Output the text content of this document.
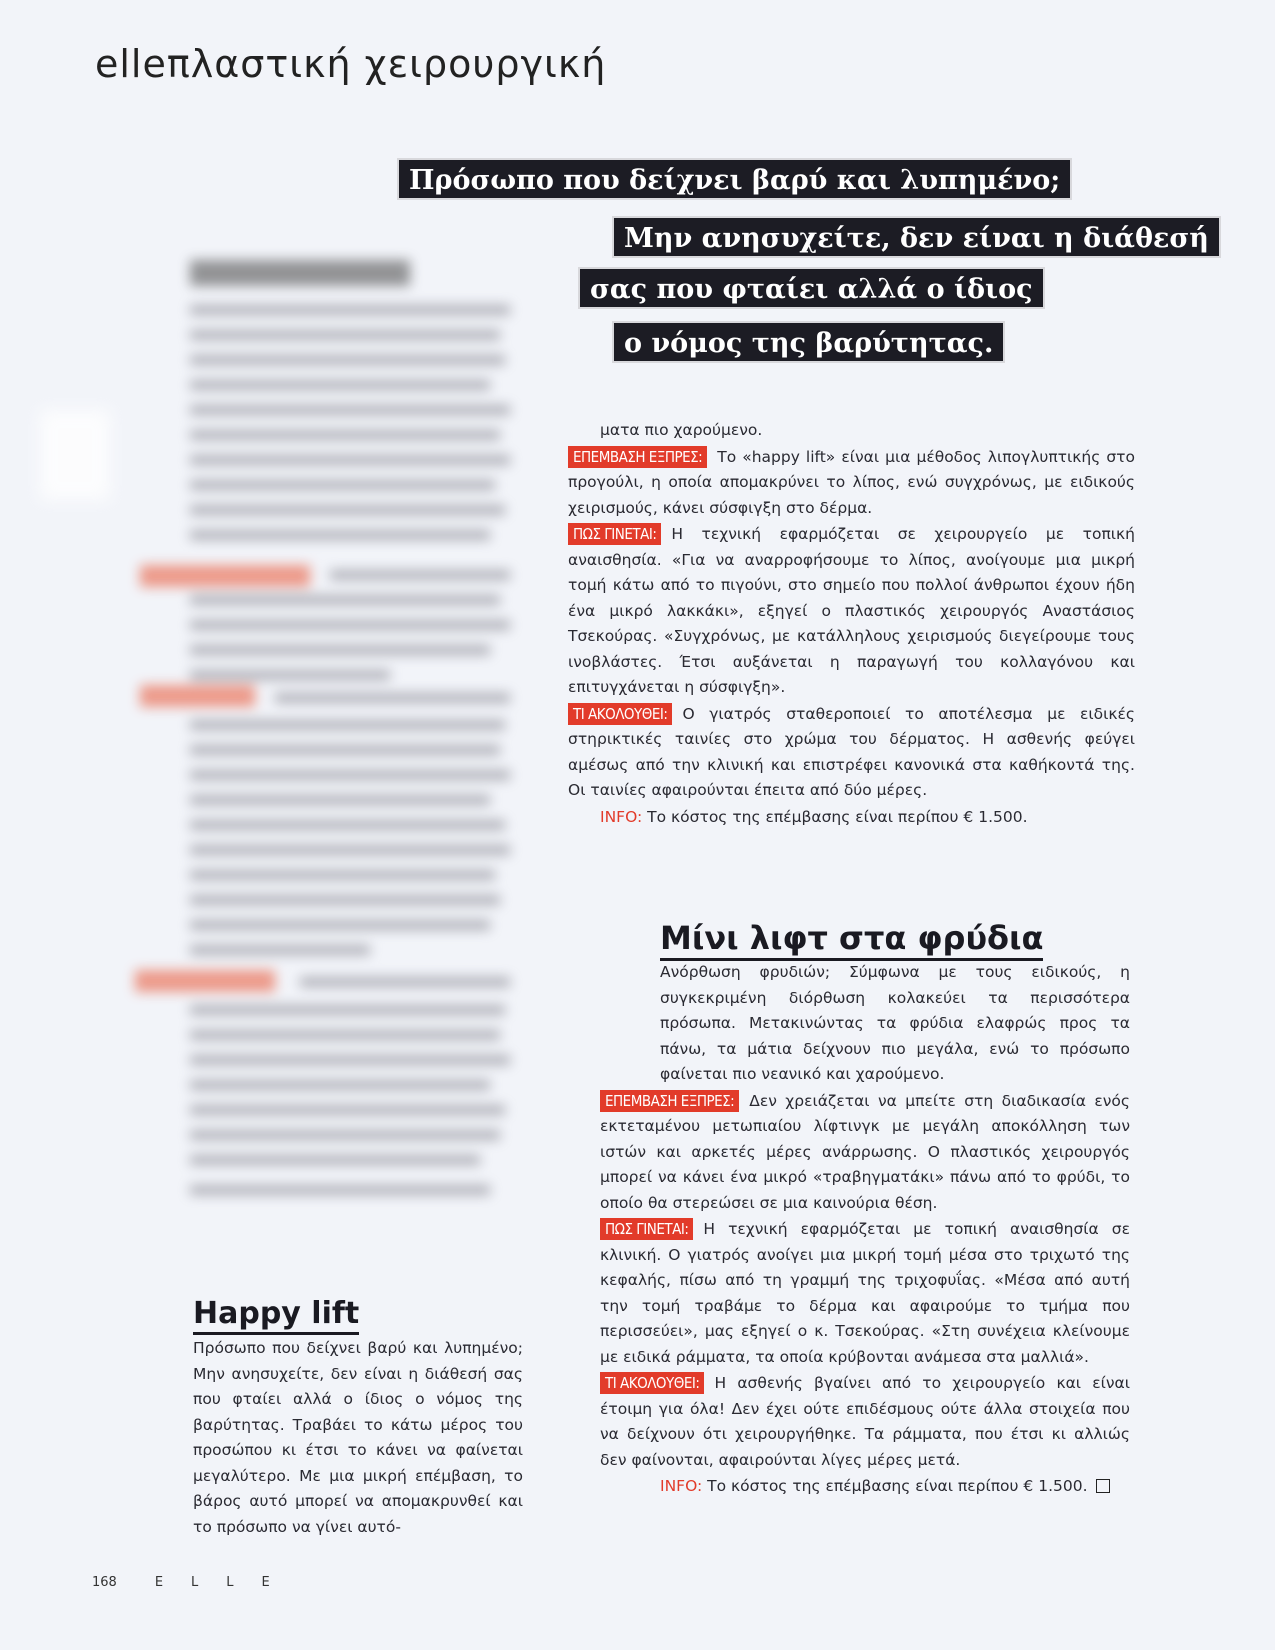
elleπλαστική χειρουργική
Πρόσωπο που δείχνει βαρύ και λυπημένο;
Μην ανησυχείτε, δεν είναι η διάθεσή
σας που φταίει αλλά ο ίδιος
ο νόμος της βαρύτητας.
Happy lift

Πρόσωπο που δείχνει βαρύ και λυπημένο; Μην ανησυχείτε, δεν είναι η διάθεσή σας που φταίει αλλά ο ίδιος ο νόμος της βαρύτητας. Τραβάει το κάτω μέρος του προσώπου κι έτσι το κάνει να φαίνεται μεγαλύτερο. Με μια μικρή επέμβαση, το βάρος αυτό μπορεί να απομακρυνθεί και το πρόσωπο να γίνει αυτό-

ματα πιο χαρούμενο.

ΕΠΕΜΒΑΣΗ ΕΞΠΡΕΣ: Το «happy lift» είναι μια μέθοδος λιπογλυπτικής στο προγούλι, η οποία απομακρύνει το λίπος, ενώ συγχρόνως, με ειδικούς χειρισμούς, κάνει σύσφιγξη στο δέρμα.

ΠΩΣ ΓΙΝΕΤΑΙ: Η τεχνική εφαρμόζεται σε χειρουργείο με τοπική αναισθησία. «Για να αναρροφήσουμε το λίπος, ανοίγουμε μια μικρή τομή κάτω από το πιγούνι, στο σημείο που πολλοί άνθρωποι έχουν ήδη ένα μικρό λακκάκι», εξηγεί ο πλαστικός χειρουργός Αναστάσιος Τσεκούρας. «Συγχρόνως, με κατάλληλους χειρισμούς διεγείρουμε τους ινοβλάστες. Έτσι αυξάνεται η παραγωγή του κολλαγόνου και επιτυγχάνεται η σύσφιγξη».

ΤΙ ΑΚΟΛΟΥΘΕΙ: Ο γιατρός σταθεροποιεί το αποτέλεσμα με ειδικές στηρικτικές ταινίες στο χρώμα του δέρματος. Η ασθενής φεύγει αμέσως από την κλινική και επιστρέφει κανονικά στα καθήκοντά της. Οι ταινίες αφαιρούνται έπειτα από δύο μέρες.

INFO: Το κόστος της επέμβασης είναι περίπου € 1.500.

Μίνι λιφτ στα φρύδια

Ανόρθωση φρυδιών; Σύμφωνα με τους ειδικούς, η συγκεκριμένη διόρθωση κολακεύει τα περισσότερα πρόσωπα. Μετακινώντας τα φρύδια ελαφρώς προς τα πάνω, τα μάτια δείχνουν πιο μεγάλα, ενώ το πρόσωπο φαίνεται πιο νεανικό και χαρούμενο.

ΕΠΕΜΒΑΣΗ ΕΞΠΡΕΣ: Δεν χρειάζεται να μπείτε στη διαδικασία ενός εκτεταμένου μετωπιαίου λίφτινγκ με μεγάλη αποκόλληση των ιστών και αρκετές μέρες ανάρρωσης. Ο πλαστικός χειρουργός μπορεί να κάνει ένα μικρό «τραβηγματάκι» πάνω από το φρύδι, το οποίο θα στερεώσει σε μια καινούρια θέση.

ΠΩΣ ΓΙΝΕΤΑΙ: Η τεχνική εφαρμόζεται με τοπική αναισθησία σε κλινική. Ο γιατρός ανοίγει μια μικρή τομή μέσα στο τριχωτό της κεφαλής, πίσω από τη γραμμή της τριχοφυΐας. «Μέσα από αυτή την τομή τραβάμε το δέρμα και αφαιρούμε το τμήμα που περισσεύει», μας εξηγεί ο κ. Τσεκούρας. «Στη συνέχεια κλείνουμε με ειδικά ράμματα, τα οποία κρύβονται ανάμεσα στα μαλλιά».

ΤΙ ΑΚΟΛΟΥΘΕΙ: Η ασθενής βγαίνει από το χειρουργείο και είναι έτοιμη για όλα! Δεν έχει ούτε επιδέσμους ούτε άλλα στοιχεία που να δείχνουν ότι χειρουργήθηκε. Τα ράμματα, που έτσι κι αλλιώς δεν φαίνονται, αφαιρούνται λίγες μέρες μετά.

INFO: Το κόστος της επέμβασης είναι περίπου € 1.500.

168	ELLE
